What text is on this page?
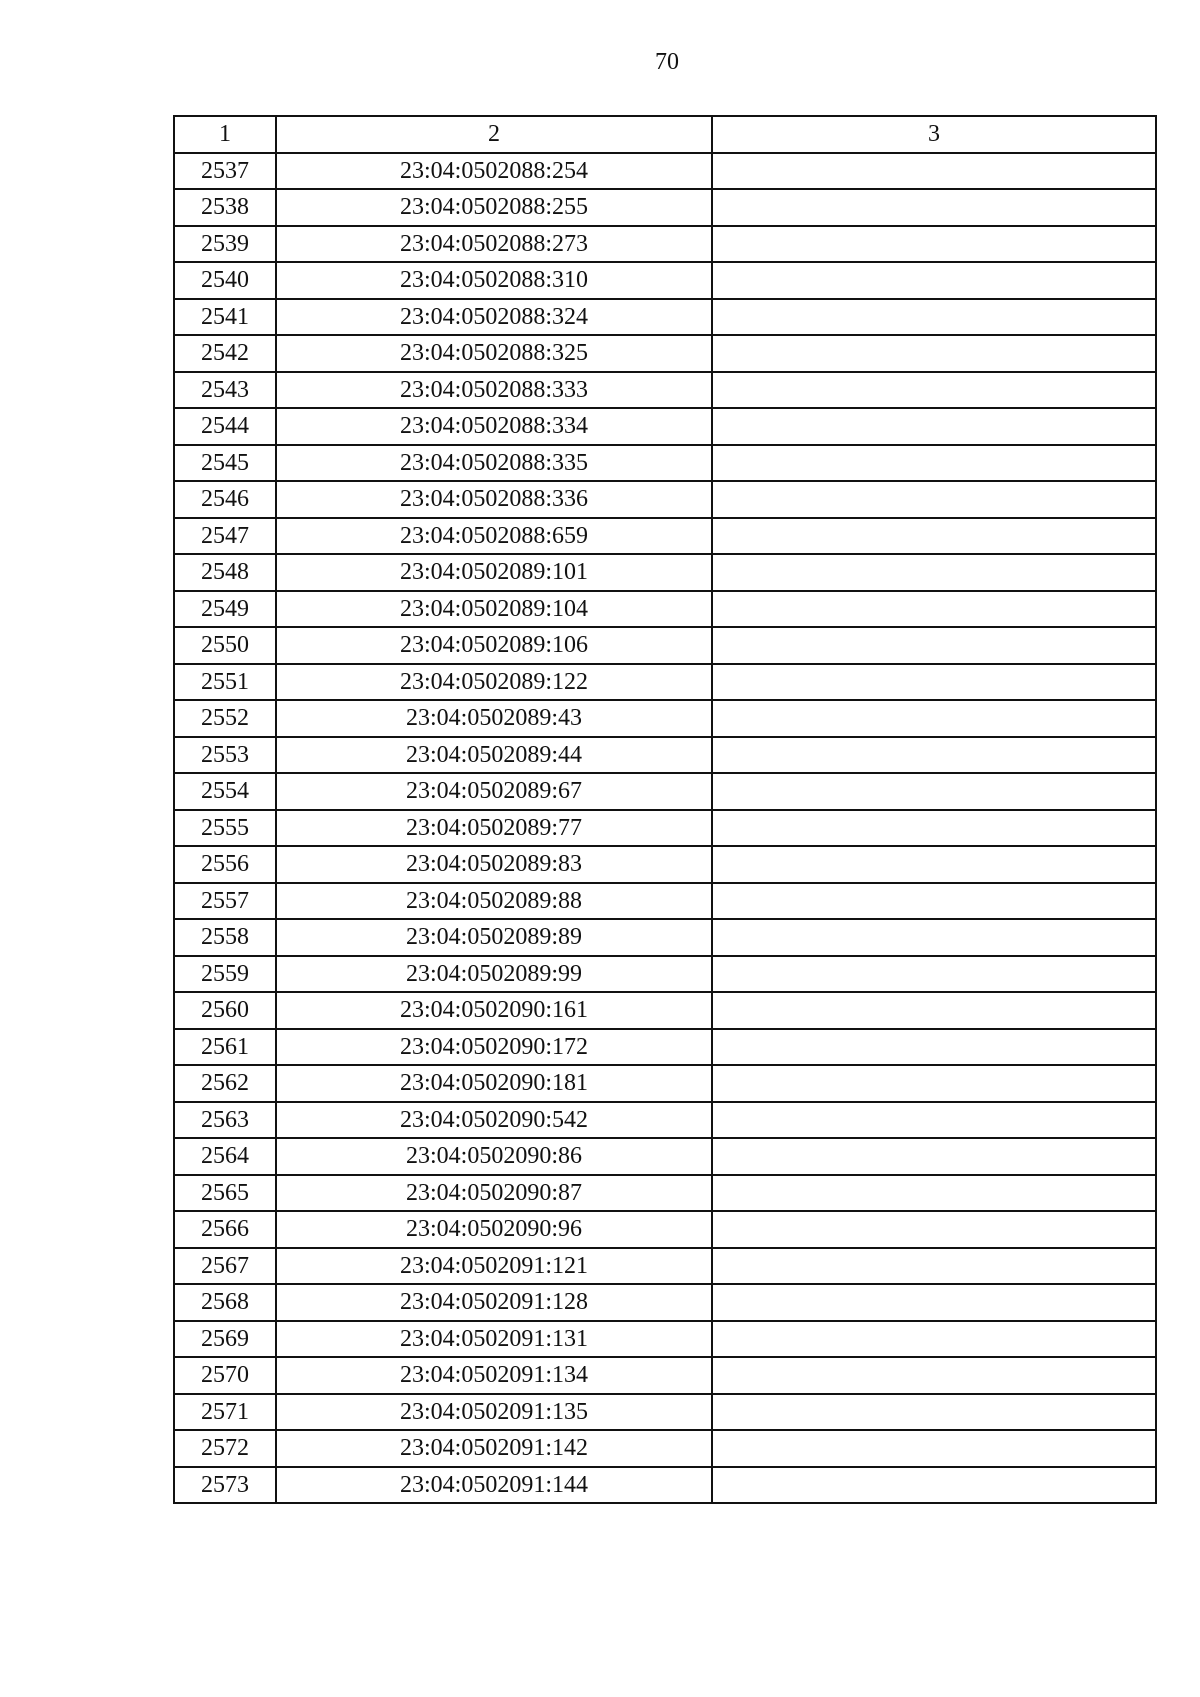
70
1	2	3
2537	23:04:0502088:254	
2538	23:04:0502088:255	
2539	23:04:0502088:273	
2540	23:04:0502088:310	
2541	23:04:0502088:324	
2542	23:04:0502088:325	
2543	23:04:0502088:333	
2544	23:04:0502088:334	
2545	23:04:0502088:335	
2546	23:04:0502088:336	
2547	23:04:0502088:659	
2548	23:04:0502089:101	
2549	23:04:0502089:104	
2550	23:04:0502089:106	
2551	23:04:0502089:122	
2552	23:04:0502089:43	
2553	23:04:0502089:44	
2554	23:04:0502089:67	
2555	23:04:0502089:77	
2556	23:04:0502089:83	
2557	23:04:0502089:88	
2558	23:04:0502089:89	
2559	23:04:0502089:99	
2560	23:04:0502090:161	
2561	23:04:0502090:172	
2562	23:04:0502090:181	
2563	23:04:0502090:542	
2564	23:04:0502090:86	
2565	23:04:0502090:87	
2566	23:04:0502090:96	
2567	23:04:0502091:121	
2568	23:04:0502091:128	
2569	23:04:0502091:131	
2570	23:04:0502091:134	
2571	23:04:0502091:135	
2572	23:04:0502091:142	
2573	23:04:0502091:144	
